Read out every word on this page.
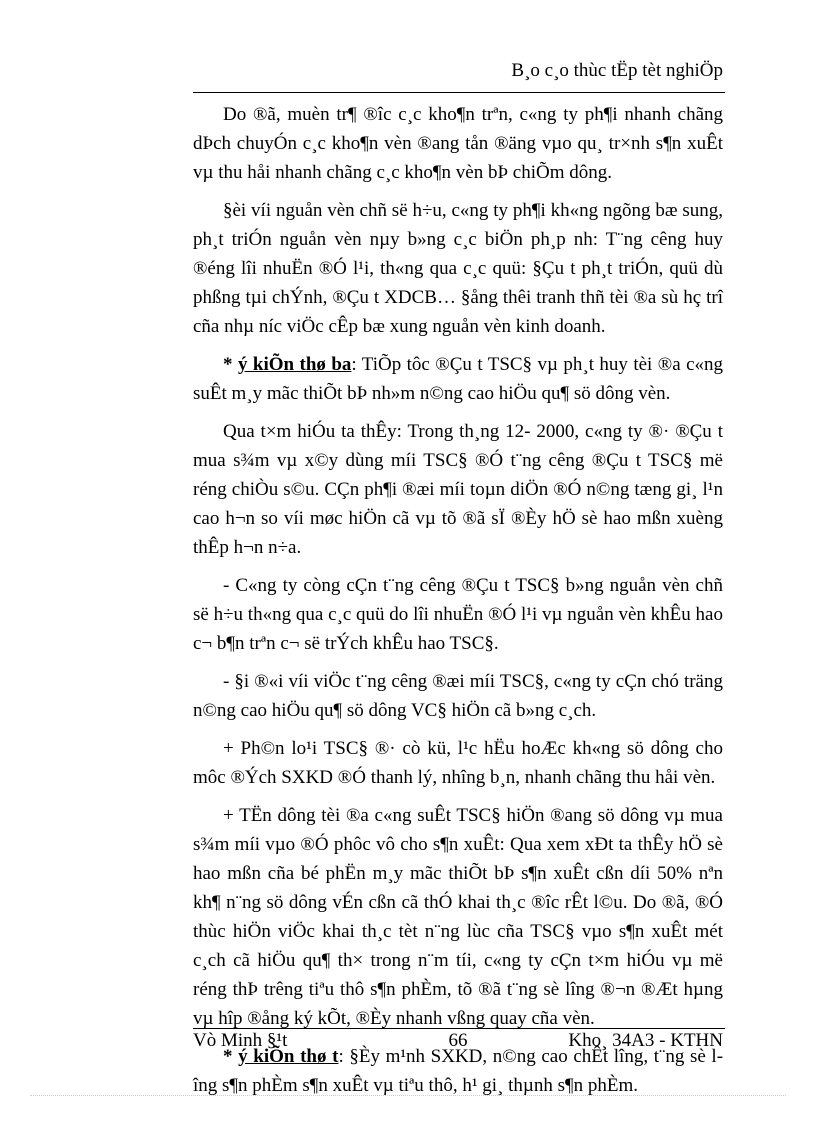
B¸o c¸o thùc tËp tèt nghiÖp

Do ®ã, muèn tr¶ ®îc c¸c kho¶n trªn, c«ng ty ph¶i nhanh chãng dÞch chuyÓn c¸c kho¶n vèn ®ang tån ®äng vµo qu¸ tr×nh s¶n xuÊt vµ thu håi nhanh chãng c¸c kho¶n vèn bÞ chiÕm dông.

§èi víi nguån vèn chñ së h÷u, c«ng ty ph¶i kh«ng ngõng bæ sung, ph¸t triÓn nguån vèn nµy b»ng c¸c biÖn ph¸p nh: T¨ng cêng huy ®éng lîi nhuËn ®Ó l¹i, th«ng qua c¸c quü: §Çu t ph¸t triÓn, quü dù phßng tµi chÝnh, ®Çu t XDCB… §ång thêi tranh thñ tèi ®a sù hç trî cña nhµ níc viÖc cÊp bæ xung nguån vèn kinh doanh.

* ý kiÕn thø ba: TiÕp tôc ®Çu t TSC§ vµ ph¸t huy tèi ®a c«ng suÊt m¸y mãc thiÕt bÞ nh»m n©ng cao hiÖu qu¶ sö dông vèn.

Qua t×m hiÓu ta thÊy: Trong th¸ng 12- 2000, c«ng ty ®· ®Çu t mua s¾m vµ x©y dùng míi TSC§ ®Ó t¨ng cêng ®Çu t TSC§ më réng chiÒu s©u. CÇn ph¶i ®æi míi toµn diÖn ®Ó n©ng tæng gi¸ l¹n cao h¬n so víi møc hiÖn cã vµ tõ ®ã sÏ ®Èy hÖ sè hao mßn xuèng thÊp h¬n n÷a.

- C«ng ty còng cÇn t¨ng cêng ®Çu t TSC§ b»ng nguån vèn chñ së h÷u th«ng qua c¸c quü do lîi nhuËn ®Ó l¹i vµ nguån vèn khÊu hao c¬ b¶n trªn c¬ së trÝch khÊu hao TSC§.

- §i ®«i víi viÖc t¨ng cêng ®æi míi TSC§, c«ng ty cÇn chó träng n©ng cao hiÖu qu¶ sö dông VC§ hiÖn cã b»ng c¸ch.

+ Ph©n lo¹i TSC§ ®· cò kü, l¹c hËu hoÆc kh«ng sö dông cho môc ®Ých SXKD ®Ó thanh lý, nhîng b¸n, nhanh chãng thu håi vèn.

+ TËn dông tèi ®a c«ng suÊt TSC§ hiÖn ®ang sö dông vµ mua s¾m míi vµo ®Ó phôc vô cho s¶n xuÊt: Qua xem xÐt ta thÊy hÖ sè hao mßn cña bé phËn m¸y mãc thiÕt bÞ s¶n xuÊt cßn díi 50% nªn kh¶ n¨ng sö dông vÉn cßn cã thÓ khai th¸c ®îc rÊt l©u. Do ®ã, ®Ó thùc hiÖn viÖc khai th¸c tèt n¨ng lùc cña TSC§ vµo s¶n xuÊt mét c¸ch cã hiÖu qu¶ th× trong n¨m tíi, c«ng ty cÇn t×m hiÓu vµ më réng thÞ trêng tiªu thô s¶n phÈm, tõ ®ã t¨ng sè lîng ®¬n ®Æt hµng vµ hîp ®ång ký kÕt, ®Èy nhanh vßng quay cña vèn.

* ý kiÕn thø t: §Èy m¹nh SXKD, n©ng cao chÊt lîng, t¨ng sè lîng s¶n phÈm s¶n xuÊt vµ tiªu thô, h¹ gi¸ thµnh s¶n phÈm.

Vò Minh §¹t	66	Kho¸ 34A3 - KTHN
